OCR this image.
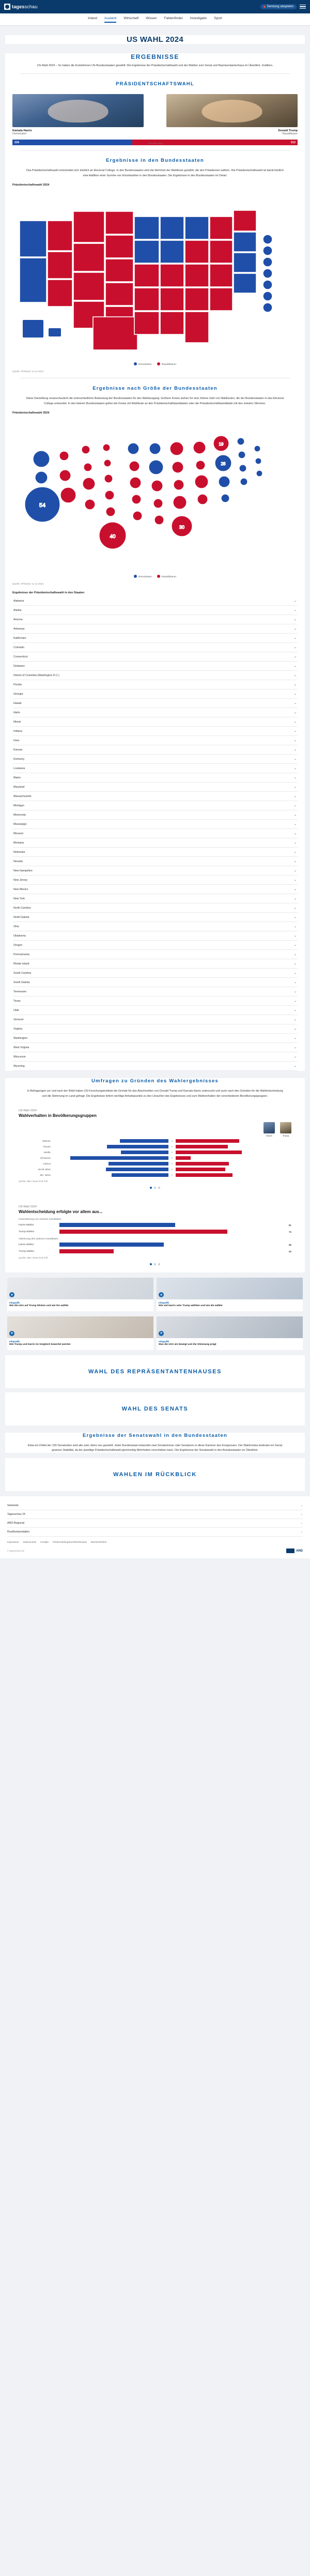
tagesschau	Sendung abspielen
Inland Ausland Wirtschaft Wissen Faktenfinder Investigativ Sport
US WAHL 2024
ERGEBNISSE

US-Wahl 2024 – So haben die Erststimmen US-Bundesstaaten gewählt: Die Ergebnisse der Präsidentschaftswahl und der Wahlen zum Senat und Repräsentantenhaus im Überblick. Grafiken.

PRÄSIDENTSCHAFTSWAHL
Kamala Harris
Demokraten
Donald Trump
Republikaner
226	312
270 zum Sieg
Ergebnisse in den Bundesstaaten

Das Präsidentschaftswahl entscheidet sich letztlich an Electoral College: In den Bundesstaaten wird die Mehrheit der Wahlleute gewählt, die den Präsidenten wählen. Die Präsidentschaftswahl ist damit letztlich eine Addition einer Summe von Einzelwahlen in den Bundesstaaten. Die Ergebnisse in den Bundesstaaten im Detail.

Präsidentschaftswahl 2024
Demokraten	Republikaner
Quelle: AP/Stand: 11.12.2024
Ergebnisse nach Größe der Bundesstaaten

Diese Darstellung veranschaulicht die unterschiedliche Bedeutung der Bundesstaaten für den Wahlausgang: Größere Kreise stehen für eine höhere Zahl von Wahlleuten, die der Bundesstaaten in das Electoral College entsendet. In den kleinen Bundesstaaten gelten die Kreise mit Wahlleute an den Präsidentschaftskandidaten oder die Präsidentschaftskandidatin mit den meisten Stimmen.

Präsidentschaftswahl 2024
54
40
30
19
28
Demokraten	Republikaner
Quelle: AP/Stand: 11.12.2024
Ergebnisse der Präsidentschaftswahl in den Staaten
Alabama	⌄
Alaska	⌄
Arizona	⌄
Arkansas	⌄
Kalifornien	⌄
Colorado	⌄
Connecticut	⌄
Delaware	⌄
District of Columbia (Washington D.C.)	⌄
Florida	⌄
Georgia	⌄
Hawaii	⌄
Idaho	⌄
Illinois	⌄
Indiana	⌄
Iowa	⌄
Kansas	⌄
Kentucky	⌄
Louisiana	⌄
Maine	⌄
Maryland	⌄
Massachusetts	⌄
Michigan	⌄
Minnesota	⌄
Mississippi	⌄
Missouri	⌄
Montana	⌄
Nebraska	⌄
Nevada	⌄
New Hampshire	⌄
New Jersey	⌄
New Mexico	⌄
New York	⌄
North Carolina	⌄
North Dakota	⌄
Ohio	⌄
Oklahoma	⌄
Oregon	⌄
Pennsylvania	⌄
Rhode Island	⌄
South Carolina	⌄
South Dakota	⌄
Tennessee	⌄
Texas	⌄
Utah	⌄
Vermont	⌄
Virginia	⌄
Washington	⌄
West Virginia	⌄
Wisconsin	⌄
Wyoming	⌄
Umfragen zu Gründen des Wahlergebnisses

In Befragungen vor und nach der Wahl haben US-Forschungsinstitute die Gründe für das Abschneiden von Donald Trump und Kamala Harris untersucht und auch nach den Gründen für die Wahlentscheidung und die Stimmung im Land gefragt. Die Ergebnisse liefern wichtige Anhaltspunkte zu den Ursachen des Ergebnisses und zum Wahlverhalten der verschiedenen Bevölkerungsgruppen.

US-Wahl 2024
Wahlverhalten in Bevölkerungsgruppen
Harris	Trump
Männer	0
Frauen
53
0
Weiße	0
Schwarze
85
0
Latinos	0
18-29 Jahre
54
0
65+ Jahre
49
0
49
Quelle: NBC News Exit Poll
US-Wahl 2024
Wahlentscheidung erfolgte vor allem aus...
Unterstützung von meinem Kandidaten
Harris-Wähler	51
Trump-Wähler	74
Ablehnung des anderen Kandidaten
Harris-Wähler	46
Trump-Wähler	24
Quelle: NBC News Exit Poll
Infografik
Wie die USA auf Trump blicken und wie ihn wählte
Infografik
Wie viel Harris oder Trump wählten und wie die wählte
Infografik
Wie Trump und Harris im Vergleich bewertet werden
Infografik
Was die USA als bewegt und die Stimmung prägt
WAHL DES REPRÄSENTANTENHAUSES
WAHL DES SENATS
Ergebnisse der Senatswahl in den Bundesstaaten

Etwa ein Drittel der 100 Senatssitze wird alle zwei Jahre neu gewählt. Jeder Bundesstaat entsendet zwei Senatorinnen oder Senatoren in diese Kammer des Kongresses. Der Wahlmodus bedeutet ein Senat gewisse Stabilität, da der jeweilige Präsidentschaftswahl gleichzeitig Mehrheiten verschieben kann. Die Ergebnisse der Senatswahl in den Bundesstaaten im Überblick.

WAHLEN IM RÜCKBLICK
Startseite	⌄
Tagesschau 24	⌄
ARD-Regional	⌄
Rundfunkanstalten	⌄
Impressum Datenschutz Kontakt Fehlermeldung/Korrekturhinweis Barrierefreiheit
© tagesschau.de	ARD
